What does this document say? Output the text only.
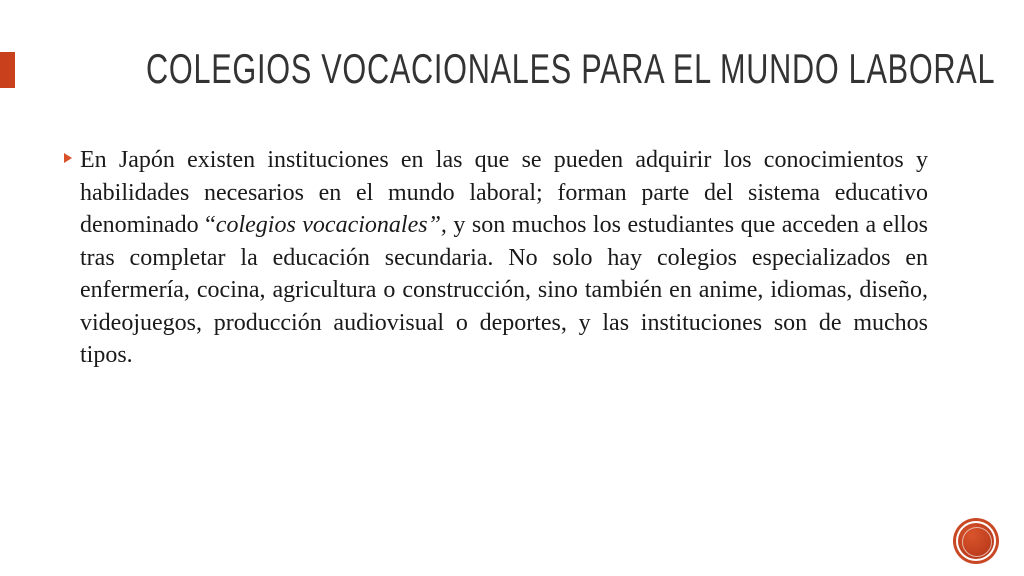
COLEGIOS VOCACIONALES PARA EL MUNDO LABORAL

En Japón existen instituciones en las que se pueden adquirir los conocimientos y habilidades necesarios en el mundo laboral; forman parte del sistema educativo denominado “colegios vocacionales”, y son muchos los estudiantes que acceden a ellos tras completar la educación secundaria. No solo hay colegios especializados en enfermería, cocina, agricultura o construcción, sino también en anime, idiomas, diseño, videojuegos, producción audiovisual o deportes, y las instituciones son de muchos tipos.
